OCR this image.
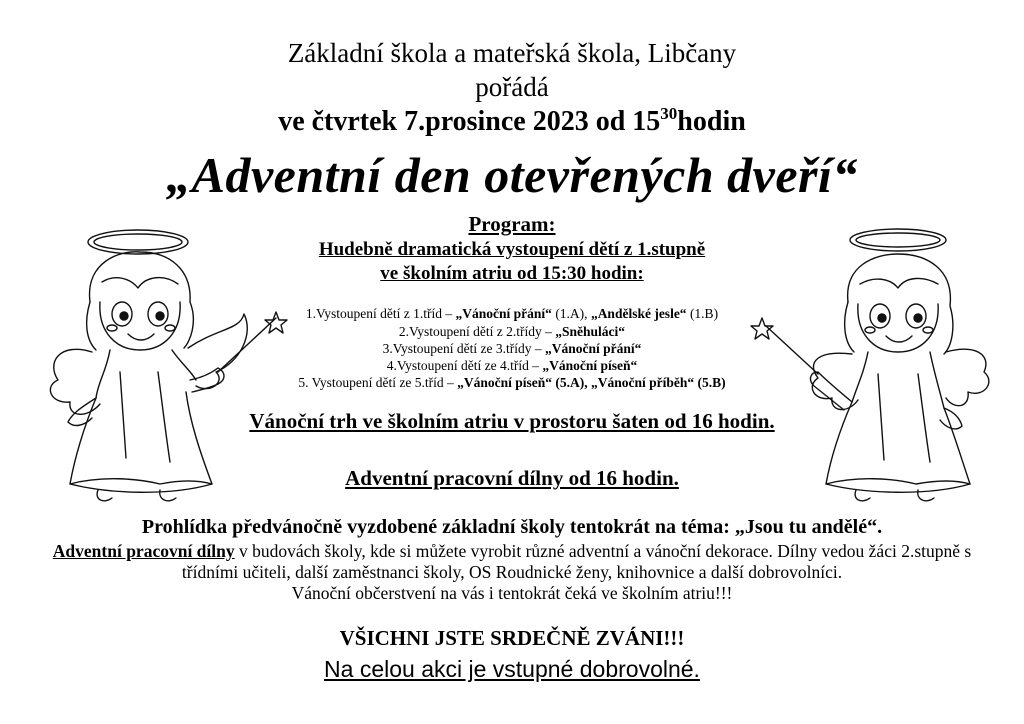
Základní škola a mateřská škola, Libčany
pořádá
ve čtvrtek 7.prosince 2023 od $15^{30}hodin$
„Adventní den otevřených dveří“
Program:
Hudebně dramatická vystoupení dětí z 1.stupně
ve školním atriu od 15:30 hodin:
1.Vystoupení dětí z 1.tříd – „Vánoční přání“ (1.A), „Andělské jesle“ (1.B)
2.Vystoupení dětí z 2.třídy – „Sněhuláci“
3.Vystoupení dětí ze 3.třídy – „Vánoční přání“
4.Vystoupení dětí ze 4.tříd – „Vánoční píseň“
5. Vystoupení dětí ze 5.tříd – „Vánoční píseň“ (5.A), „Vánoční příběh“ (5.B)
Vánoční trh ve školním atriu v prostoru šaten od 16 hodin.
Adventní pracovní dílny od 16 hodin.
Prohlídka předvánočně vyzdobené základní školy tentokrát na téma: „Jsou tu andělé“.
Adventní pracovní dílny v budovách školy, kde si můžete vyrobit různé adventní a vánoční dekorace. Dílny vedou žáci 2.stupně s třídními učiteli, další zaměstnanci školy, OS Roudnické ženy, knihovnice a další dobrovolníci.
Vánoční občerstvení na vás i tentokrát čeká ve školním atriu!!!
VŠICHNI JSTE SRDEČNĚ ZVÁNI!!!
Na celou akci je vstupné dobrovolné.
